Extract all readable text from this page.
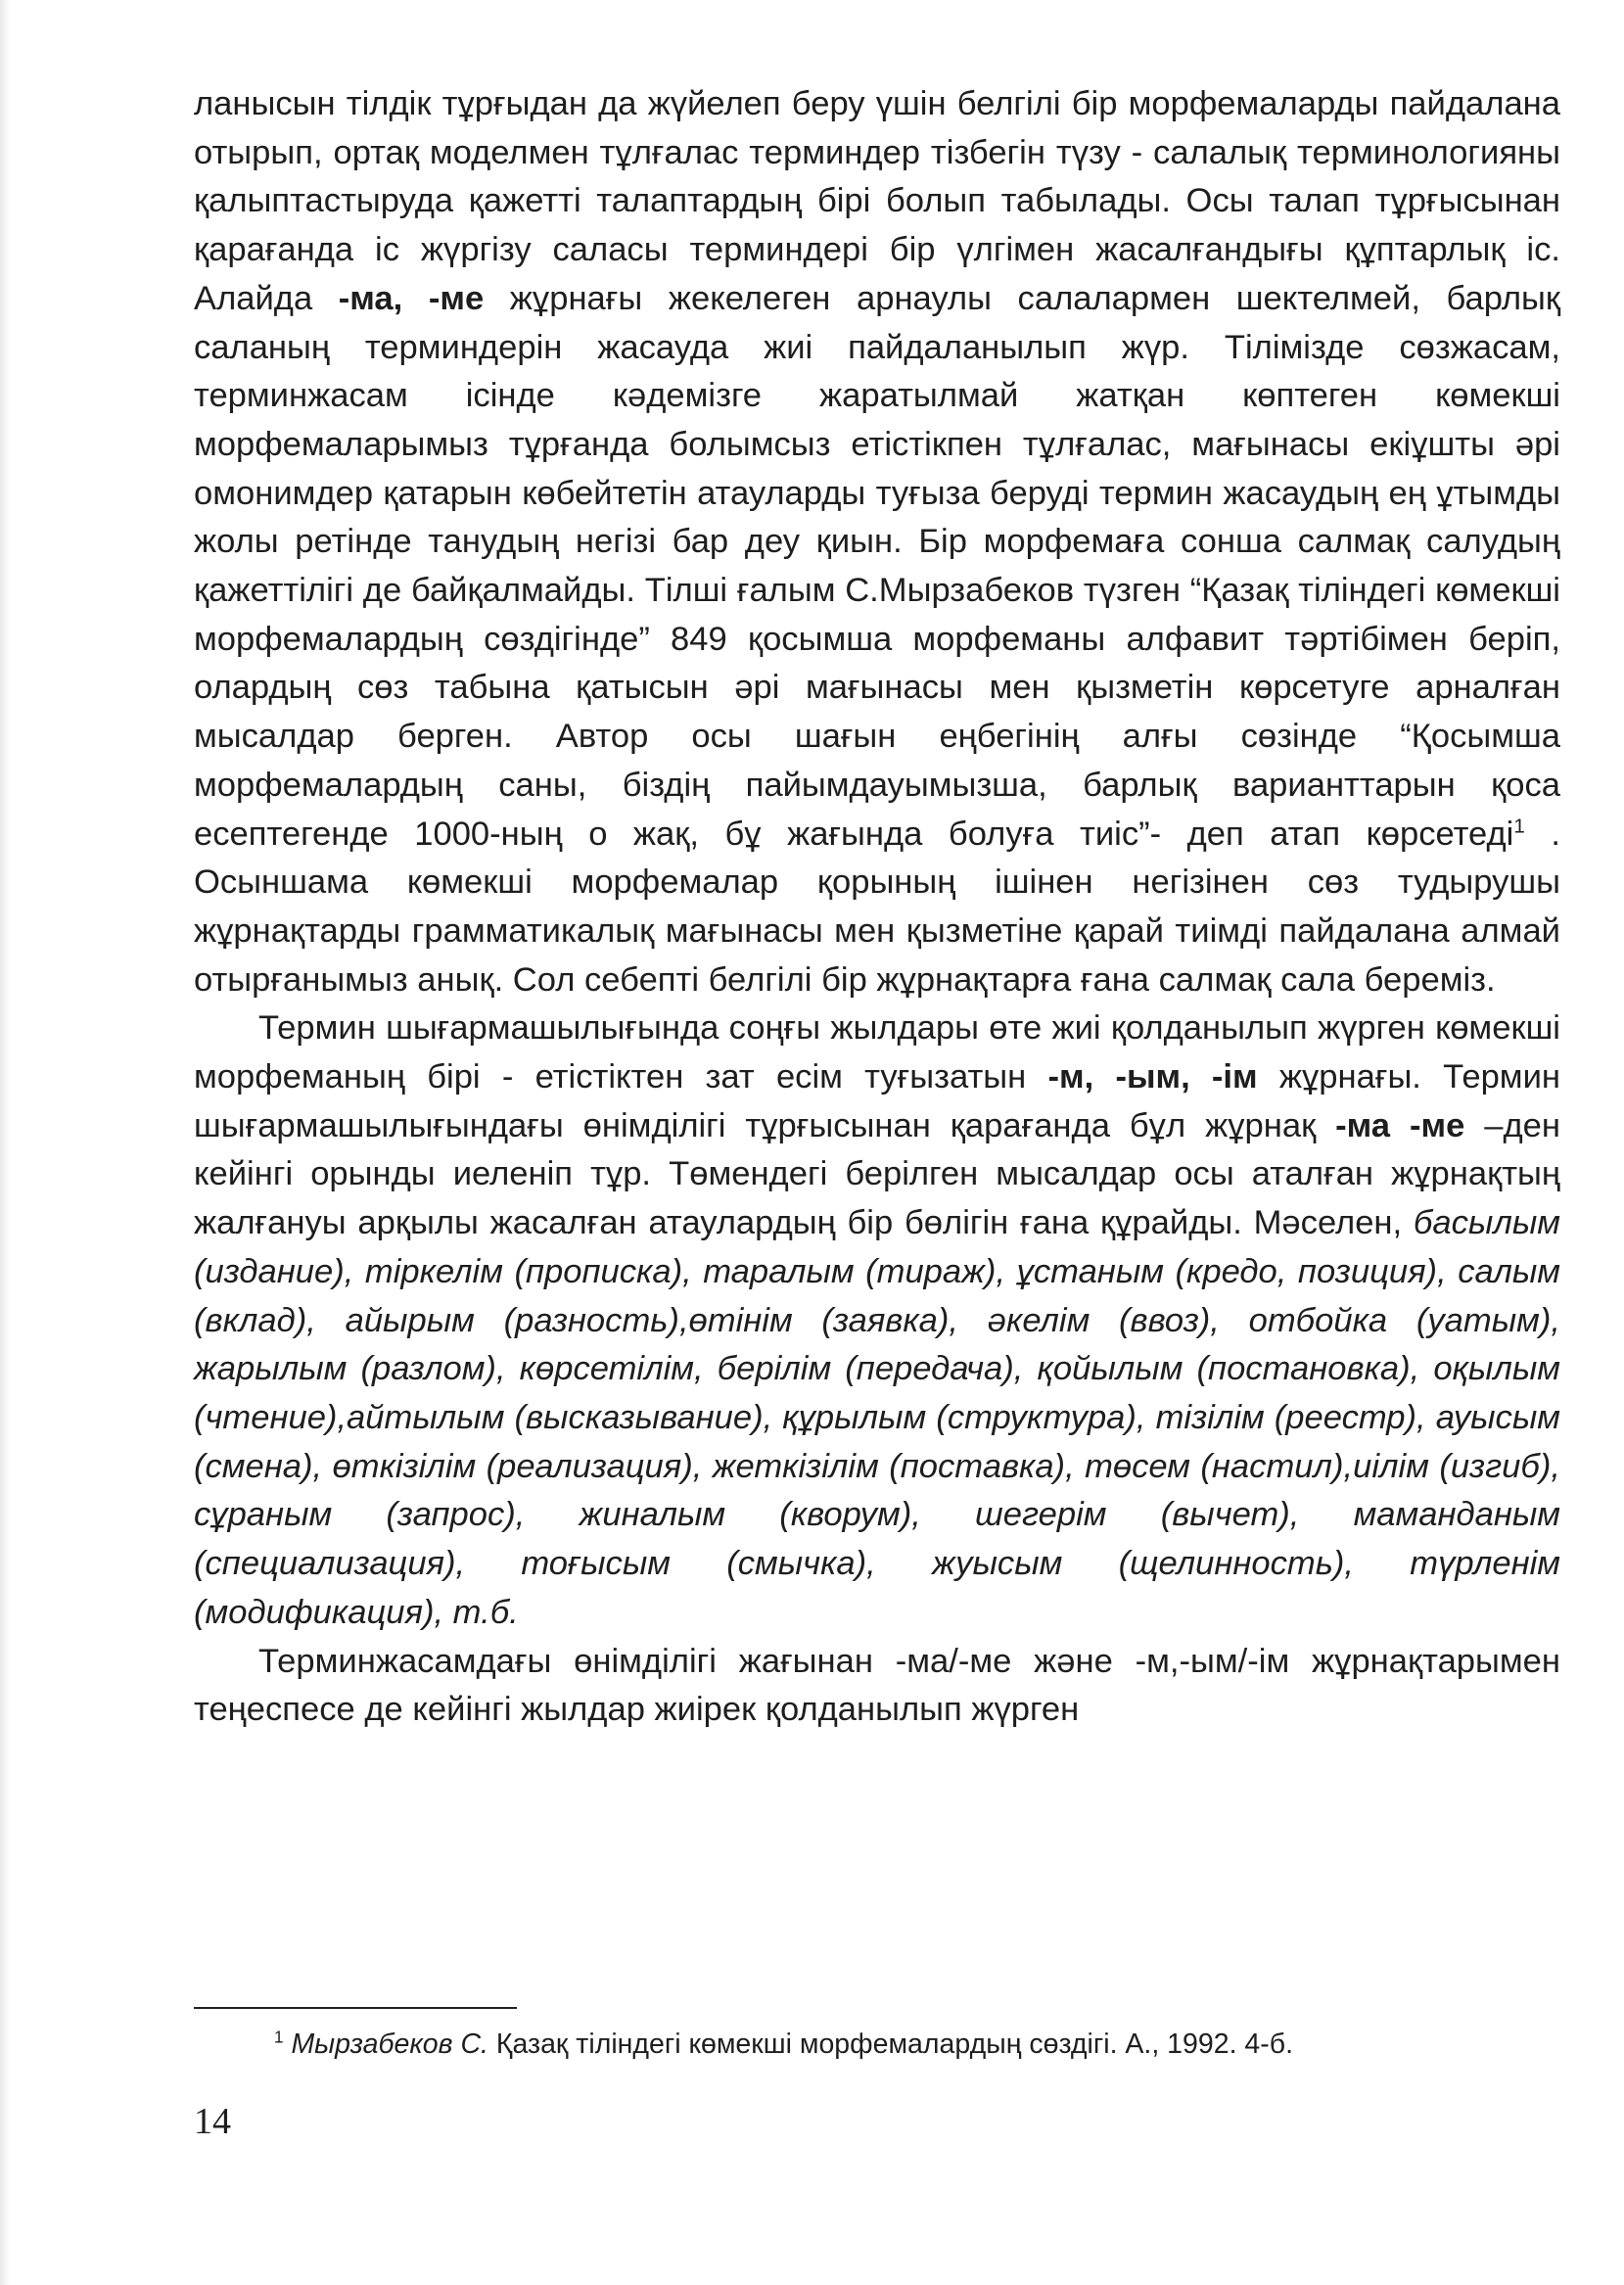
ланысын тілдік тұрғыдан да жүйелеп беру үшін белгілі бір морфемаларды пайдалана отырып, ортақ моделмен тұлғалас терминдер тізбегін түзу - салалық терминологияны қалыптастыруда қажетті талаптардың бірі болып табылады. Осы талап тұрғысынан қарағанда іс жүргізу саласы терминдері бір үлгімен жасалғандығы құптарлық іс. Алайда -ма, -ме жұрнағы жекелеген арнаулы салалармен шектелмей, барлық саланың терминдерін жасауда жиі пайдаланылып жүр. Тілімізде сөзжасам, терминжасам ісінде кәдемізге жаратылмай жатқан көптеген көмекші морфемаларымыз тұрғанда болымсыз етістікпен тұлғалас, мағынасы екіұшты әрі омонимдер қатарын көбейтетін атауларды туғыза беруді термин жасаудың ең ұтымды жолы ретінде танудың негізі бар деу қиын. Бір морфемаға сонша салмақ салудың қажеттілігі де байқалмайды. Тілші ғалым С.Мырзабеков түзген “Қазақ тіліндегі көмекші морфемалардың сөздігінде” 849 қосымша морфеманы алфавит тәртібімен беріп, олардың сөз табына қатысын әрі мағынасы мен қызметін көрсетуге арналған мысалдар берген. Автор осы шағын еңбегінің алғы сөзінде “Қосымша морфемалардың саны, біздің пайымдауымызша, барлық варианттарын қоса есептегенде 1000-ның о жақ, бұ жағында болуға тиіс”- деп атап көрсетеді$^1$ . Осыншама көмекші морфемалар қорының ішінен негізінен сөз тудырушы жұрнақтарды грамматикалық мағынасы мен қызметіне қарай тиімді пайдалана алмай отырғанымыз анық. Сол себепті белгілі бір жұрнақтарға ғана салмақ сала береміз.

Термин шығармашылығында соңғы жылдары өте жиі қолданылып жүрген көмекші морфеманың бірі - етістіктен зат есім туғызатын -м, -ым, -ім жұрнағы. Термин шығармашылығындағы өнімділігі тұрғысынан қарағанда бұл жұрнақ -ма -ме –ден кейінгі орынды иеленіп тұр. Төмендегі берілген мысалдар осы аталған жұрнақтың жалғануы арқылы жасалған атаулардың бір бөлігін ғана құрайды. Мәселен, басылым (издание), тіркелім (прописка), таралым (тираж), ұстаным (кредо, позиция), салым (вклад), айырым (разность),өтінім (заявка), әкелім (ввоз), отбойка (уатым), жарылым (разлом), көрсетілім, берілім (передача), қойылым (постановка), оқылым (чтение),айтылым (высказывание), құрылым (структура), тізілім (реестр), ауысым (смена), өткізілім (реализация), жеткізілім (поставка), төсем (настил),иілім (изгиб), сұраным (запрос), жиналым (кворум), шегерім (вычет), маманданым (специализация), тоғысым (смычка), жуысым (щелинность), түрленім (модификация), т.б.

Терминжасамдағы өнімділігі жағынан -ма/-ме және -м,-ым/-ім жұрнақтарымен теңеспесе де кейінгі жылдар жиірек қолданылып жүрген

$^1$ Мырзабеков С. Қазақ тіліндегі көмекші морфемалардың сөздігі. А., 1992. 4-б.

14
